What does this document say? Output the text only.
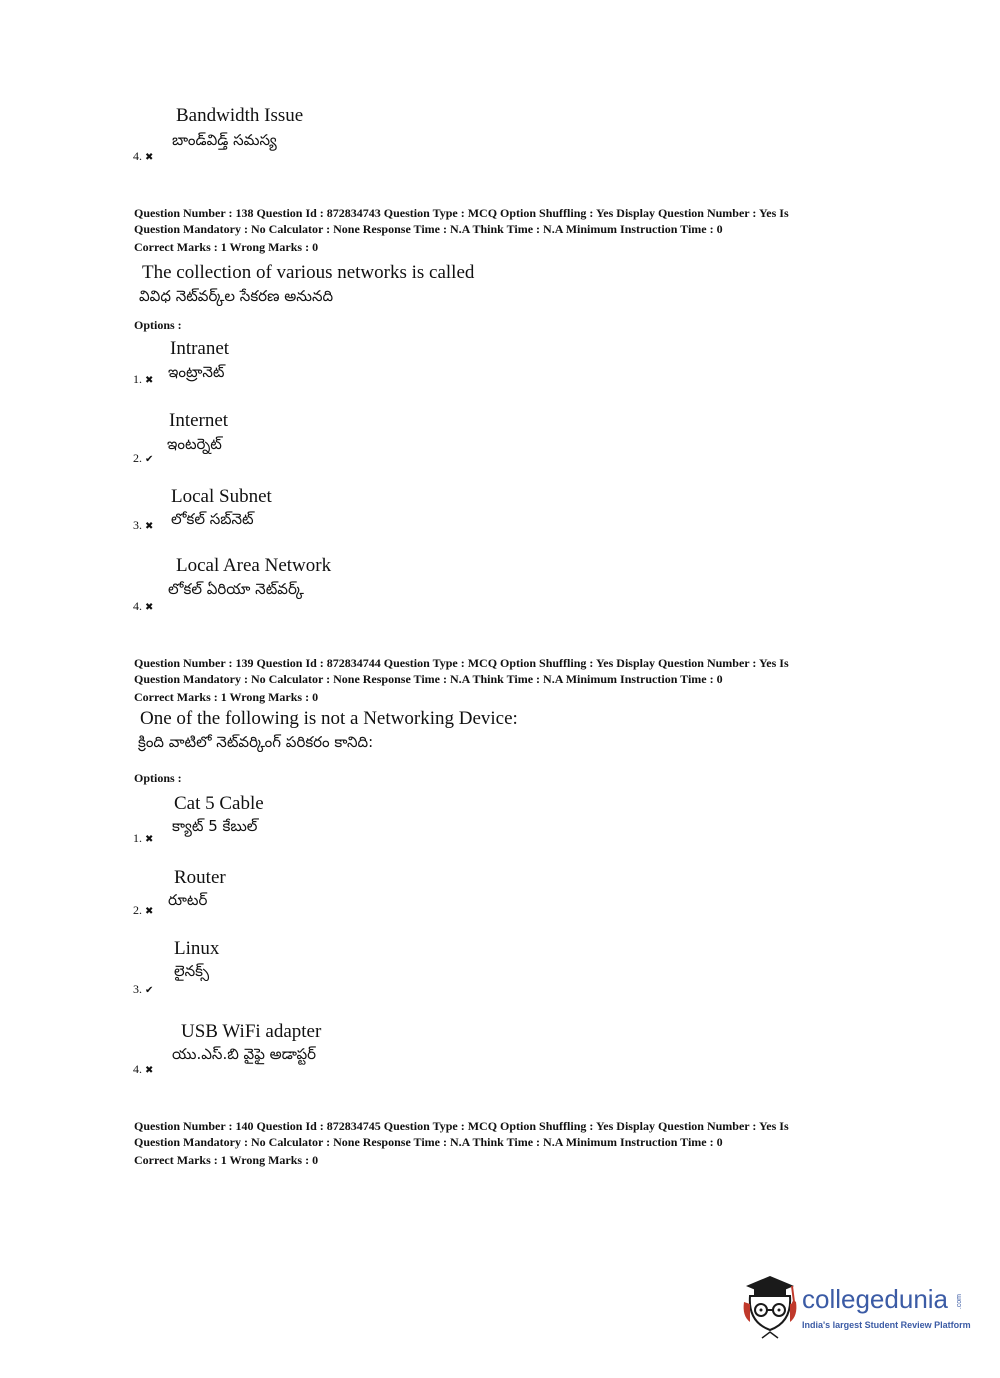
Bandwidth Issue
బాండ్‌విడ్త్ సమస్య
4. ✖
Question Number : 138 Question Id : 872834743 Question Type : MCQ Option Shuffling : Yes Display Question Number : Yes Is
Question Mandatory : No Calculator : None Response Time : N.A Think Time : N.A Minimum Instruction Time : 0
Correct Marks : 1 Wrong Marks : 0
The collection of various networks is called
వివిధ నెట్‌వర్క్‌ల సేకరణ అనునది
Options :
Intranet
ఇంట్రానెట్
1. ✖
Internet
ఇంటర్నెట్
2. ✔
Local Subnet
లోకల్ సబ్‌నెట్
3. ✖
Local Area Network
లోకల్ ఏరియా నెట్‌వర్క్
4. ✖
Question Number : 139 Question Id : 872834744 Question Type : MCQ Option Shuffling : Yes Display Question Number : Yes Is
Question Mandatory : No Calculator : None Response Time : N.A Think Time : N.A Minimum Instruction Time : 0
Correct Marks : 1 Wrong Marks : 0
One of the following is not a Networking Device:
క్రింది వాటిలో నెట్‌వర్కింగ్ పరికరం కానిది:
Options :
Cat 5 Cable
క్యాట్ 5 కేబుల్
1. ✖
Router
రూటర్
2. ✖
Linux
లైనక్స్
3. ✔
USB WiFi adapter
యు.ఎస్.బి వైఫై అడాప్టర్
4. ✖
Question Number : 140 Question Id : 872834745 Question Type : MCQ Option Shuffling : Yes Display Question Number : Yes Is
Question Mandatory : No Calculator : None Response Time : N.A Think Time : N.A Minimum Instruction Time : 0
Correct Marks : 1 Wrong Marks : 0
collegedunia .com
India's largest Student Review Platform
